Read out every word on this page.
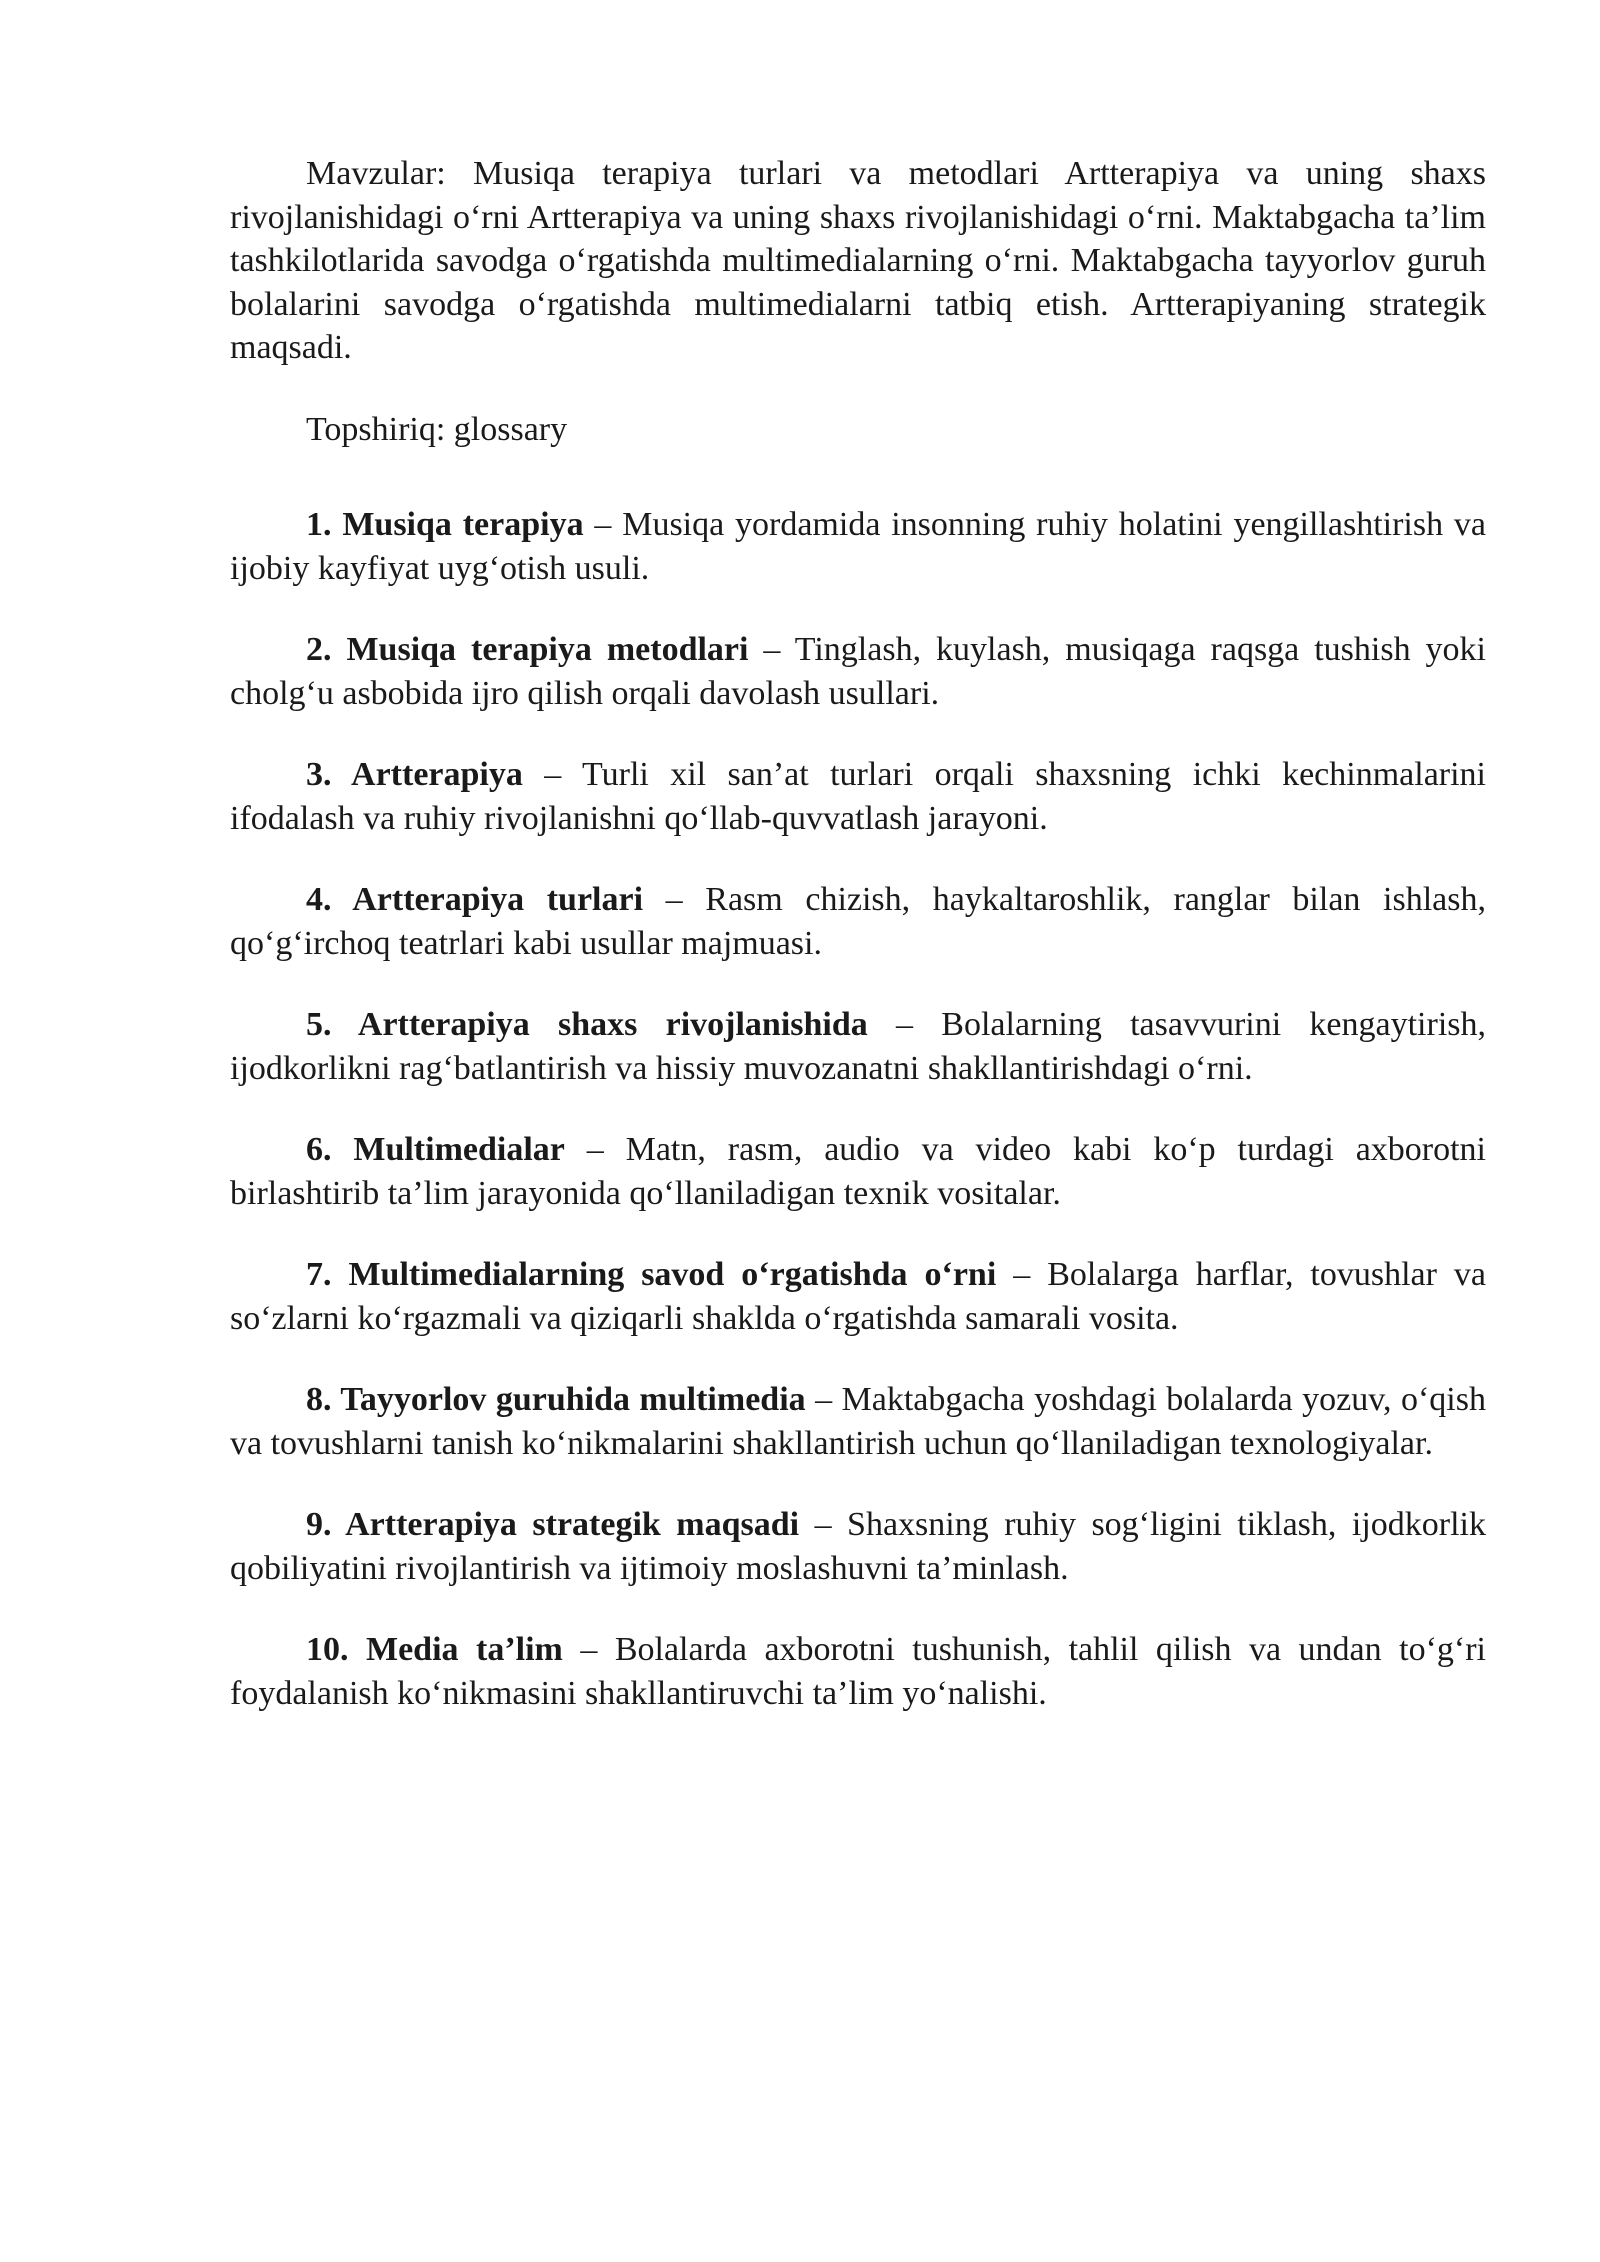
Mavzular: Musiqa terapiya turlari va metodlari Artterapiya va uning shaxs rivojlanishidagi o‘rni Artterapiya va uning shaxs rivojlanishidagi o‘rni. Maktabgacha ta’lim tashkilotlarida savodga o‘rgatishda multimedialarning o‘rni. Maktabgacha tayyorlov guruh bolalarini savodga o‘rgatishda multimedialarni tatbiq etish. Artterapiyaning strategik maqsadi.

Topshiriq: glossary

1. Musiqa terapiya – Musiqa yordamida insonning ruhiy holatini yengillashtirish va ijobiy kayfiyat uyg‘otish usuli.
2. Musiqa terapiya metodlari – Tinglash, kuylash, musiqaga raqsga tushish yoki cholg‘u asbobida ijro qilish orqali davolash usullari.
3. Artterapiya – Turli xil san’at turlari orqali shaxsning ichki kechinmalarini ifodalash va ruhiy rivojlanishni qo‘llab-quvvatlash jarayoni.
4. Artterapiya turlari – Rasm chizish, haykaltaroshlik, ranglar bilan ishlash, qo‘g‘irchoq teatrlari kabi usullar majmuasi.
5. Artterapiya shaxs rivojlanishida – Bolalarning tasavvurini kengaytirish, ijodkorlikni rag‘batlantirish va hissiy muvozanatni shakllantirishdagi o‘rni.
6. Multimedialar – Matn, rasm, audio va video kabi ko‘p turdagi axborotni birlashtirib ta’lim jarayonida qo‘llaniladigan texnik vositalar.
7. Multimedialarning savod o‘rgatishda o‘rni – Bolalarga harflar, tovushlar va so‘zlarni ko‘rgazmali va qiziqarli shaklda o‘rgatishda samarali vosita.
8. Tayyorlov guruhida multimedia – Maktabgacha yoshdagi bolalarda yozuv, o‘qish va tovushlarni tanish ko‘nikmalarini shakllantirish uchun qo‘llaniladigan texnologiyalar.
9. Artterapiya strategik maqsadi – Shaxsning ruhiy sog‘ligini tiklash, ijodkorlik qobiliyatini rivojlantirish va ijtimoiy moslashuvni ta’minlash.
10. Media ta’lim – Bolalarda axborotni tushunish, tahlil qilish va undan to‘g‘ri foydalanish ko‘nikmasini shakllantiruvchi ta’lim yo‘nalishi.
